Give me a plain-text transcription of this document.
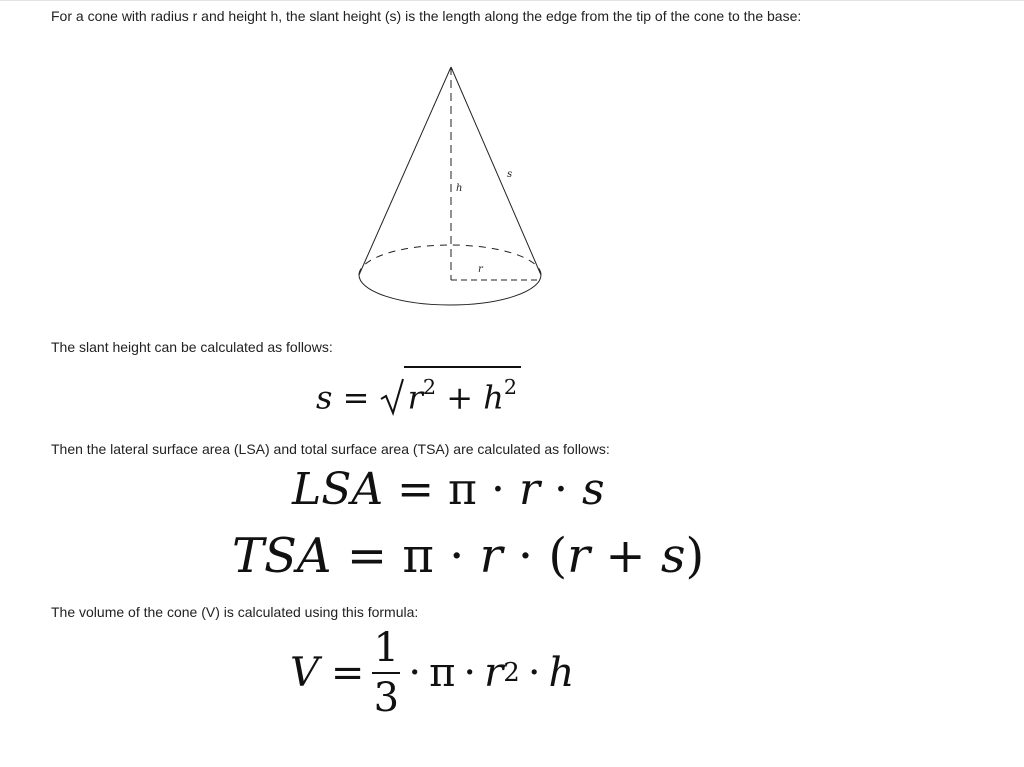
For a cone with radius r and height h, the slant height (s) is the length along the edge from the tip of the cone to the base:
h
s
r
The slant height can be calculated as follows:
$s = r^2 + h^2$
Then the lateral surface area (LSA) and total surface area (TSA) are calculated as follows:
LSA = π · r · s
TSA = π · r · (r + s)
The volume of the cone (V) is calculated using this formula:
$V = \frac{1}{3} \cdot \pi \cdot r$ 2 · h
